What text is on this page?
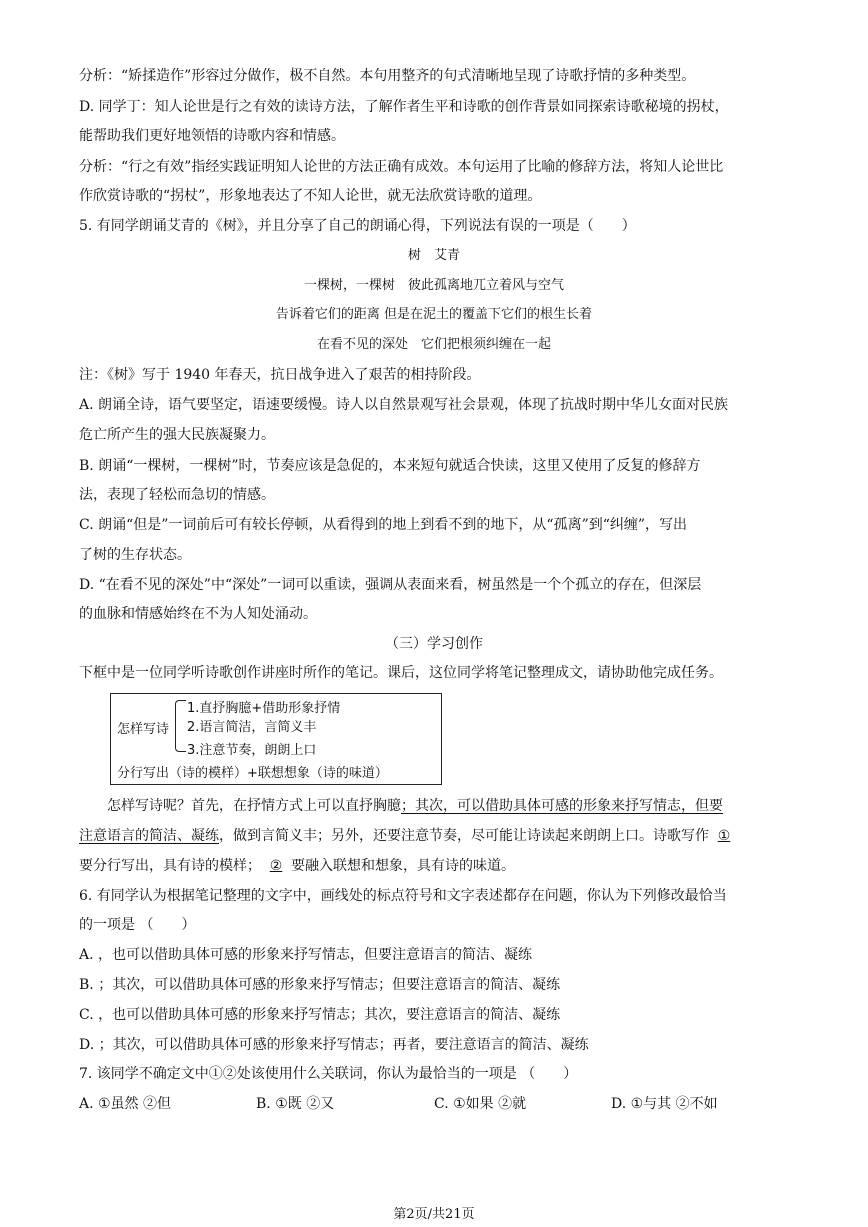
分析：“矫揉造作”形容过分做作，极不自然。本句用整齐的句式清晰地呈现了诗歌抒情的多种类型。
D. 同学丁：知人论世是行之有效的读诗方法，了解作者生平和诗歌的创作背景如同探索诗歌秘境的拐杖，
能帮助我们更好地领悟的诗歌内容和情感。
分析：“行之有效”指经实践证明知人论世的方法正确有成效。本句运用了比喻的修辞方法，将知人论世比
作欣赏诗歌的“拐杖”，形象地表达了不知人论世，就无法欣赏诗歌的道理。
5. 有同学朗诵艾青的《树》，并且分享了自己的朗诵心得，下列说法有误的一项是（　　）
树　艾青
一棵树，一棵树　彼此孤离地兀立着风与空气
告诉着它们的距离 但是在泥土的覆盖下它们的根生长着
在看不见的深处　它们把根须纠缠在一起
注：《树》写于 1940 年春天，抗日战争进入了艰苦的相持阶段。
A. 朗诵全诗，语气要坚定，语速要缓慢。诗人以自然景观写社会景观，体现了抗战时期中华儿女面对民族
危亡所产生的强大民族凝聚力。
B. 朗诵“一棵树，一棵树”时，节奏应该是急促的，本来短句就适合快读，这里又使用了反复的修辞方
法，表现了轻松而急切的情感。
C. 朗诵“但是”一词前后可有较长停顿，从看得到的地上到看不到的地下，从“孤离”到“纠缠”，写出
了树的生存状态。
D. “在看不见的深处”中“深处”一词可以重读，强调从表面来看，树虽然是一个个孤立的存在，但深层
的血脉和情感始终在不为人知处涌动。
（三）学习创作
下框中是一位同学听诗歌创作讲座时所作的笔记。课后，这位同学将笔记整理成文，请协助他完成任务。
怎样写诗
1.直抒胸臆+借助形象抒情
2.语言简洁，言简义丰
3.注意节奏，朗朗上口
分行写出（诗的模样）+联想想象（诗的味道）
　　怎样写诗呢？首先，在抒情方式上可以直抒胸臆；其次，可以借助具体可感的形象来抒写情志，但要
注意语言的简洁、凝练，做到言简义丰；另外，还要注意节奏，尽可能让诗读起来朗朗上口。诗歌写作 ①
要分行写出，具有诗的模样； ② 要融入联想和想象，具有诗的味道。
6. 有同学认为根据笔记整理的文字中，画线处的标点符号和文字表述都存在问题，你认为下列修改最恰当
的一项是 （　　）
A. ，也可以借助具体可感的形象来抒写情志，但要注意语言的简洁、凝练
B. ；其次，可以借助具体可感的形象来抒写情志；但要注意语言的简洁、凝练
C. ，也可以借助具体可感的形象来抒写情志；其次，要注意语言的简洁、凝练
D. ；其次，可以借助具体可感的形象来抒写情志；再者，要注意语言的简洁、凝练
7. 该同学不确定文中①②处该使用什么关联词，你认为最恰当的一项是 （　　）
A. ①虽然 ②但	B. ①既 ②又	C. ①如果 ②就	D. ①与其 ②不如
第2页/共21页
